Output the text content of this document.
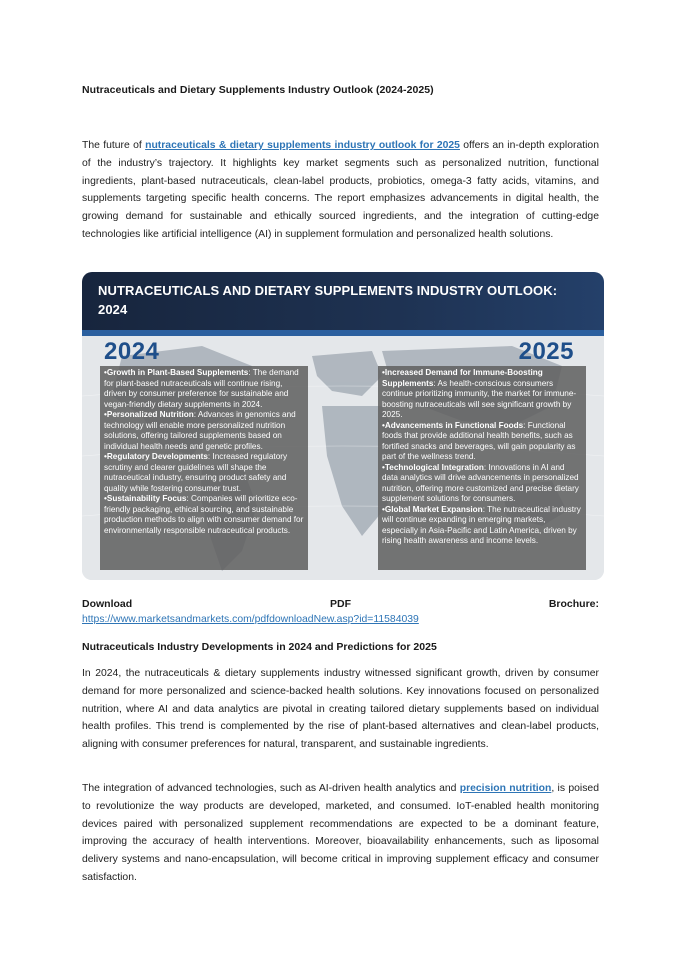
Nutraceuticals and Dietary Supplements Industry Outlook (2024-2025)

The future of nutraceuticals & dietary supplements industry outlook for 2025 offers an in-depth exploration of the industry’s trajectory. It highlights key market segments such as personalized nutrition, functional ingredients, plant-based nutraceuticals, clean-label products, probiotics, omega-3 fatty acids, vitamins, and supplements targeting specific health concerns. The report emphasizes advancements in digital health, the growing demand for sustainable and ethically sourced ingredients, and the integration of cutting-edge technologies like artificial intelligence (AI) in supplement formulation and personalized health solutions.

NUTRACEUTICALS AND DIETARY SUPPLEMENTS INDUSTRY OUTLOOK: 2024
2024	2025
•Growth in Plant-Based Supplements: The demand for plant-based nutraceuticals will continue rising, driven by consumer preference for sustainable and vegan-friendly dietary supplements in 2024.
•Personalized Nutrition: Advances in genomics and technology will enable more personalized nutrition solutions, offering tailored supplements based on individual health needs and genetic profiles.
•Regulatory Developments: Increased regulatory scrutiny and clearer guidelines will shape the nutraceutical industry, ensuring product safety and quality while fostering consumer trust.
•Sustainability Focus: Companies will prioritize eco-friendly packaging, ethical sourcing, and sustainable production methods to align with consumer demand for environmentally responsible nutraceutical products.
•Increased Demand for Immune-Boosting Supplements: As health-conscious consumers continue prioritizing immunity, the market for immune-boosting nutraceuticals will see significant growth by 2025.
•Advancements in Functional Foods: Functional foods that provide additional health benefits, such as fortified snacks and beverages, will gain popularity as part of the wellness trend.
•Technological Integration: Innovations in AI and data analytics will drive advancements in personalized nutrition, offering more customized and precise dietary supplement solutions for consumers.
•Global Market Expansion: The nutraceutical industry will continue expanding in emerging markets, especially in Asia-Pacific and Latin America, driven by rising health awareness and income levels.
Download	PDF	Brochure:
https://www.marketsandmarkets.com/pdfdownloadNew.asp?id=11584039
Nutraceuticals Industry Developments in 2024 and Predictions for 2025

In 2024, the nutraceuticals & dietary supplements industry witnessed significant growth, driven by consumer demand for more personalized and science-backed health solutions. Key innovations focused on personalized nutrition, where AI and data analytics are pivotal in creating tailored dietary supplements based on individual health profiles. This trend is complemented by the rise of plant-based alternatives and clean-label products, aligning with consumer preferences for natural, transparent, and sustainable ingredients.

The integration of advanced technologies, such as AI-driven health analytics and precision nutrition, is poised to revolutionize the way products are developed, marketed, and consumed. IoT-enabled health monitoring devices paired with personalized supplement recommendations are expected to be a dominant feature, improving the accuracy of health interventions. Moreover, bioavailability enhancements, such as liposomal delivery systems and nano-encapsulation, will become critical in improving supplement efficacy and consumer satisfaction.
